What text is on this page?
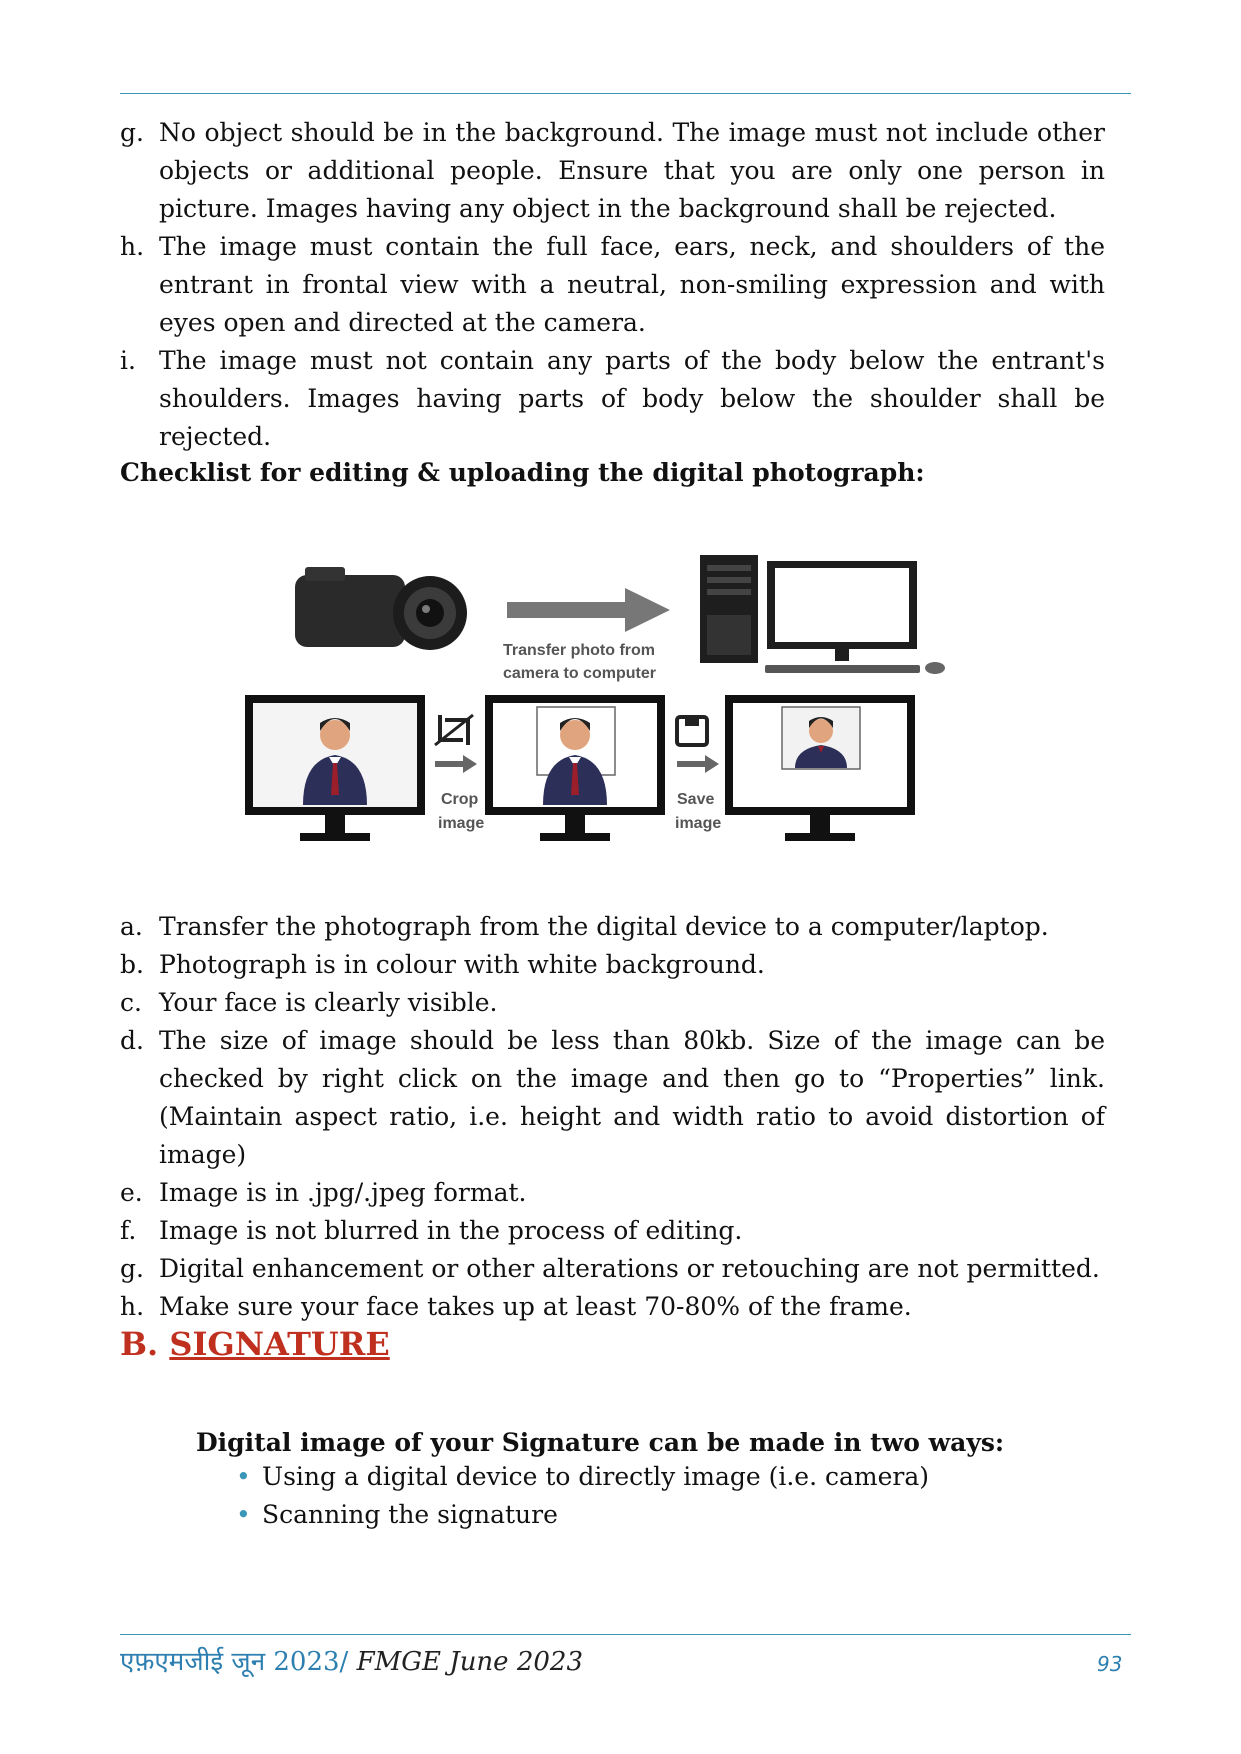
g. No object should be in the background. The image must not include other objects or additional people. Ensure that you are only one person in picture. Images having any object in the background shall be rejected.
h. The image must contain the full face, ears, neck, and shoulders of the entrant in frontal view with a neutral, non-smiling expression and with eyes open and directed at the camera.
i. The image must not contain any parts of the body below the entrant's shoulders. Images having parts of body below the shoulder shall be rejected.
Checklist for editing & uploading the digital photograph:
Transfer photo from
camera to computer
Crop
image
Save
image
a. Transfer the photograph from the digital device to a computer/laptop.
b. Photograph is in colour with white background.
c. Your face is clearly visible.
d. The size of image should be less than 80kb. Size of the image can be checked by right click on the image and then go to “Properties” link. (Maintain aspect ratio, i.e. height and width ratio to avoid distortion of image)
e. Image is in .jpg/.jpeg format.
f. Image is not blurred in the process of editing.
g. Digital enhancement or other alterations or retouching are not permitted.
h. Make sure your face takes up at least 70-80% of the frame.
B. SIGNATURE
Digital image of your Signature can be made in two ways:
• Using a digital device to directly image (i.e. camera)
• Scanning the signature
एफ़एमजीई जून 2023/ FMGE June 2023	93
